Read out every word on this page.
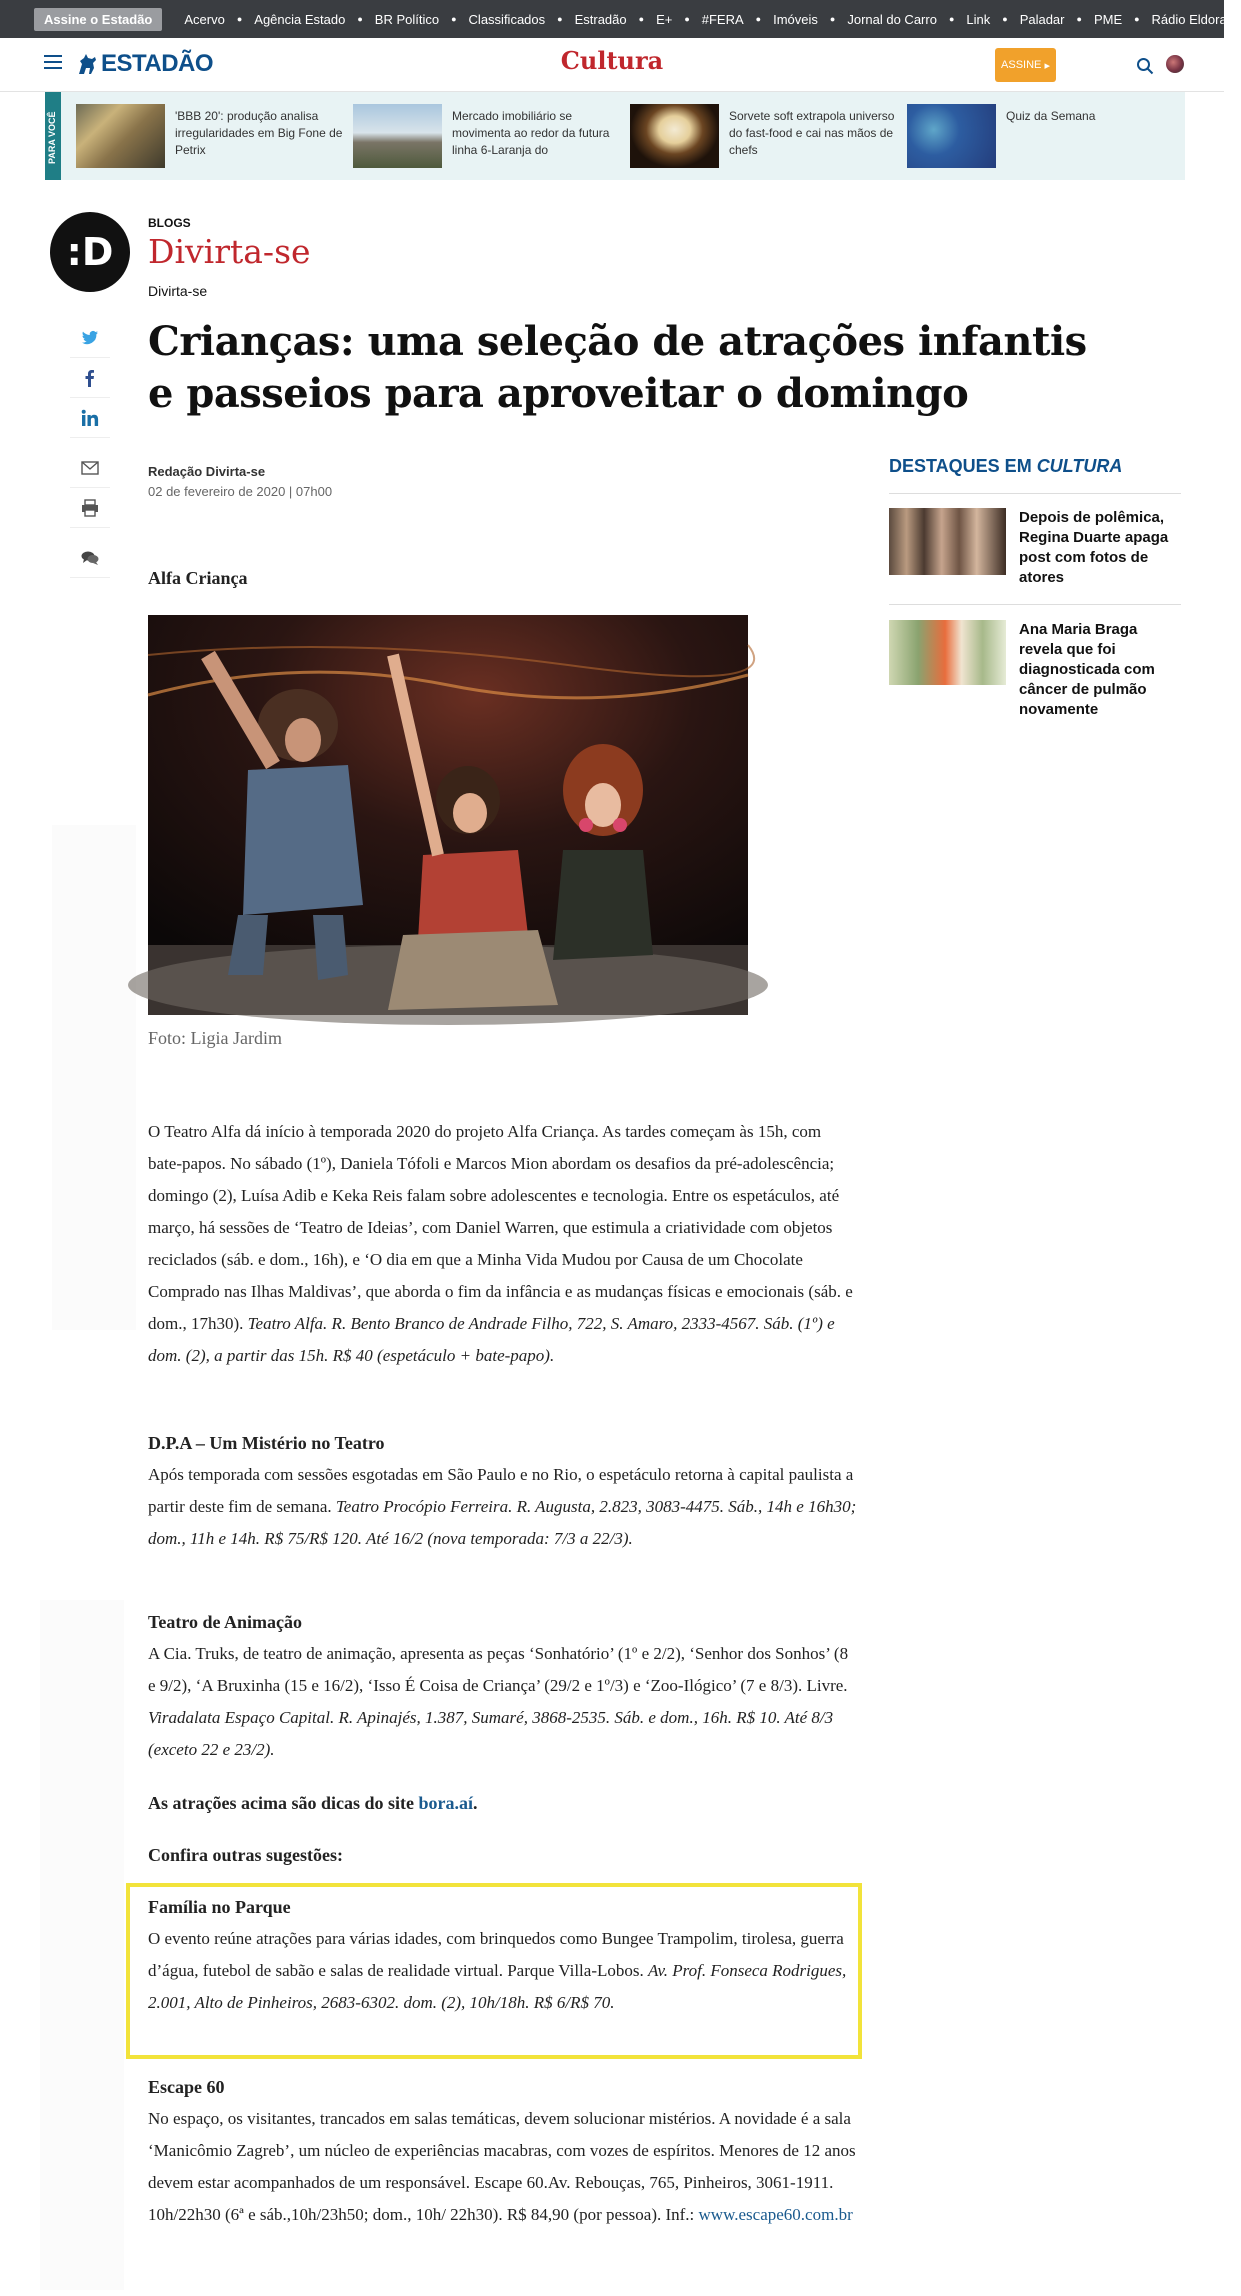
Assine o Estadão	Acervo ● Agência Estado ● BR Político ● Classificados ● Estradão ● E+ ● #FERA ● Imóveis ● Jornal do Carro ● Link ● Paladar ● PME ● Rádio Eldorado
ESTADÃO	Cultura	ASSINE
▸
PARA VOCÊ	'BBB 20': produção analisa irregularidades em Big Fone de Petrix
Mercado imobiliário se movimenta ao redor da futura linha 6-Laranja do
Sorvete soft extrapola universo do fast-food e cai nas mãos de chefs
Quiz da Semana
:D
BLOGS
Divirta-se
Divirta-se
Crianças: uma seleção de atrações infantis e passeios para aproveitar o domingo
Redação Divirta-se
02 de fevereiro de 2020 | 07h00
DESTAQUES EM CULTURA
Depois de polêmica, Regina Duarte apaga post com fotos de atores
Ana Maria Braga revela que foi diagnosticada com câncer de pulmão novamente
Alfa Criança
Foto: Ligia Jardim
O Teatro Alfa dá início à temporada 2020 do projeto Alfa Criança. As tardes começam às 15h, com bate-papos. No sábado (1º), Daniela Tófoli e Marcos Mion abordam os desafios da pré-adolescência; domingo (2), Luísa Adib e Keka Reis falam sobre adolescentes e tecnologia. Entre os espetáculos, até março, há sessões de ‘Teatro de Ideias’, com Daniel Warren, que estimula a criatividade com objetos reciclados (sáb. e dom., 16h), e ‘O dia em que a Minha Vida Mudou por Causa de um Chocolate Comprado nas Ilhas Maldivas’, que aborda o fim da infância e as mudanças físicas e emocionais (sáb. e dom., 17h30). Teatro Alfa. R. Bento Branco de Andrade Filho, 722, S. Amaro, 2333-4567. Sáb. (1º) e dom. (2), a partir das 15h. R$ 40 (espetáculo + bate-papo).
D.P.A – Um Mistério no Teatro
Após temporada com sessões esgotadas em São Paulo e no Rio, o espetáculo retorna à capital paulista a partir deste fim de semana. Teatro Procópio Ferreira. R. Augusta, 2.823, 3083-4475. Sáb., 14h e 16h30; dom., 11h e 14h. R$ 75/R$ 120. Até 16/2 (nova temporada: 7/3 a 22/3).
Teatro de Animação
A Cia. Truks, de teatro de animação, apresenta as peças ‘Sonhatório’ (1º e 2/2), ‘Senhor dos Sonhos’ (8 e 9/2), ‘A Bruxinha (15 e 16/2), ‘Isso É Coisa de Criança’ (29/2 e 1º/3) e ‘Zoo-Ilógico’ (7 e 8/3). Livre. Viradalata Espaço Capital. R. Apinajés, 1.387, Sumaré, 3868-2535. Sáb. e dom., 16h. R$ 10. Até 8/3 (exceto 22 e 23/2).
As atrações acima são dicas do site bora.aí.
Confira outras sugestões:
Família no Parque
O evento reúne atrações para várias idades, com brinquedos como Bungee Trampolim, tirolesa, guerra d’água, futebol de sabão e salas de realidade virtual. Parque Villa-Lobos. Av. Prof. Fonseca Rodrigues, 2.001, Alto de Pinheiros, 2683-6302. dom. (2), 10h/18h. R$ 6/R$ 70.
Escape 60
No espaço, os visitantes, trancados em salas temáticas, devem solucionar mistérios. A novidade é a sala ‘Manicômio Zagreb’, um núcleo de experiências macabras, com vozes de espíritos. Menores de 12 anos devem estar acompanhados de um responsável. Escape 60.Av. Rebouças, 765, Pinheiros, 3061-1911. 10h/22h30 (6ª e sáb.,10h/23h50; dom., 10h/ 22h30). R$ 84,90 (por pessoa). Inf.: www.escape60.com.br
